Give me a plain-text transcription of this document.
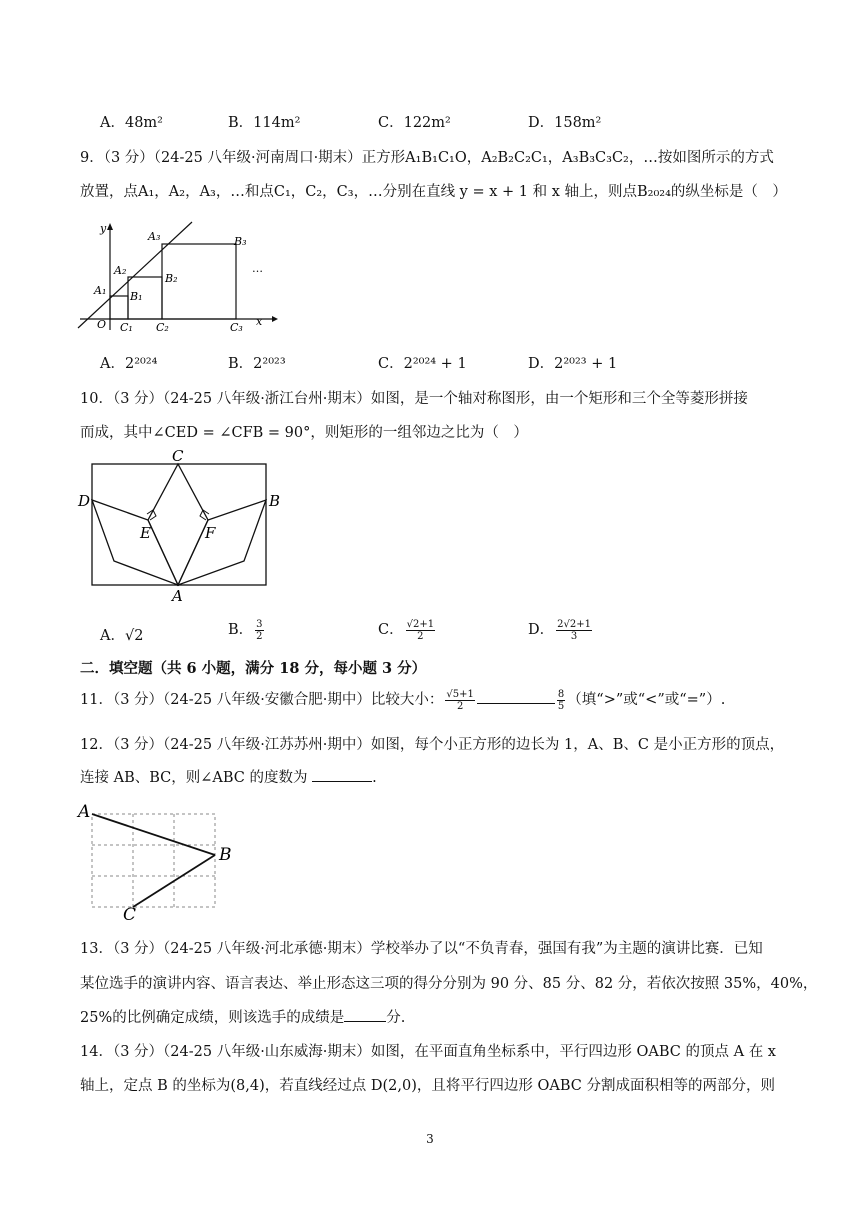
A．48m²	B．114m²	C．122m²	D．158m²
9．（3 分）（24-25 八年级·河南周口·期末）正方形A₁B₁C₁O，A₂B₂C₂C₁，A₃B₃C₃C₂，…按如图所示的方式
放置，点A₁，A₂，A₃，…和点C₁，C₂，C₃，…分别在直线 y = x + 1 和 x 轴上，则点B₂₀₂₄的纵坐标是（　）
y
x
O
A₁
A₂
A₃
B₁
B₂
B₃
C₁ C₂	C₃
…
A．2²⁰²⁴	B．2²⁰²³	C．2²⁰²⁴ + 1	D．2²⁰²³ + 1
10．（3 分）（24-25 八年级·浙江台州·期末）如图，是一个轴对称图形，由一个矩形和三个全等菱形拼接
而成，其中∠CED = ∠CFB = 90°，则矩形的一组邻边之比为（　）
C
D	B
E	F
A
A．√2	B． $\frac{3}{2}$	C． $\frac{√2+1}{2}$	D． $\frac{2√2+1}{3}$
二．填空题（共 6 小题，满分 18 分，每小题 3 分）
11．（3 分）（24-25 八年级·安徽合肥·期中）比较大小： $\frac{√5+1}{2}$	$\frac{8}{5}$ （填“>”或“<”或“=”）.
12．（3 分）（24-25 八年级·江苏苏州·期中）如图，每个小正方形的边长为 1，A、B、C 是小正方形的顶点，
连接 AB、BC，则∠ABC 的度数为	.
A
B
C
13．（3 分）（24-25 八年级·河北承德·期末）学校举办了以“不负青春，强国有我”为主题的演讲比赛．已知
某位选手的演讲内容、语言表达、举止形态这三项的得分分别为 90 分、85 分、82 分，若依次按照 35%，40%，
25%的比例确定成绩，则该选手的成绩是	分.
14．（3 分）（24-25 八年级·山东威海·期末）如图，在平面直角坐标系中，平行四边形 OABC 的顶点 A 在 x
轴上，定点 B 的坐标为(8,4)，若直线经过点 D(2,0)，且将平行四边形 OABC 分割成面积相等的两部分，则
3
